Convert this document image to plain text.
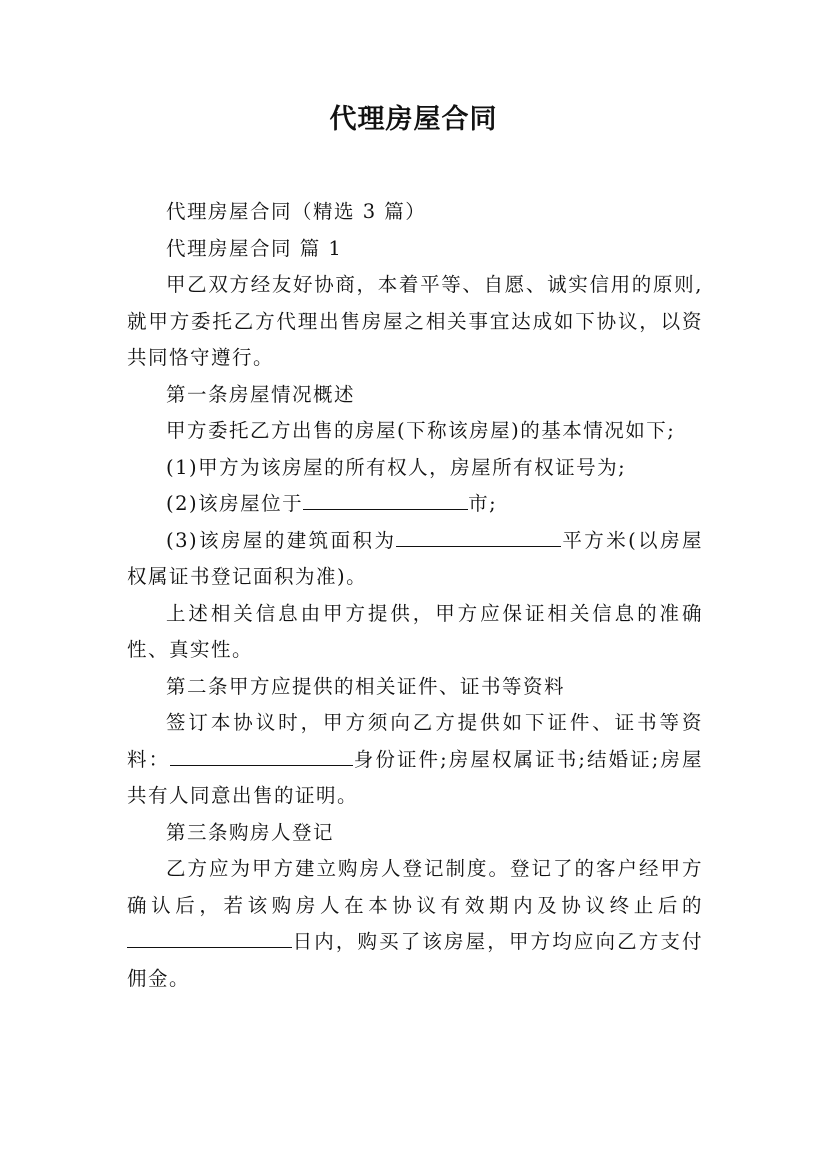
代理房屋合同

代理房屋合同（精选 3 篇）

代理房屋合同 篇 1

甲乙双方经友好协商，本着平等、自愿、诚实信用的原则,就甲方委托乙方代理出售房屋之相关事宜达成如下协议，以资共同恪守遵行。

第一条房屋情况概述

甲方委托乙方出售的房屋(下称该房屋)的基本情况如下;

(1)甲方为该房屋的所有权人，房屋所有权证号为;

(2)该房屋位于	市;

(3)该房屋的建筑面积为	平方米(以房屋权属证书登记面积为准)。

上述相关信息由甲方提供，甲方应保证相关信息的准确性、真实性。

第二条甲方应提供的相关证件、证书等资料

签订本协议时，甲方须向乙方提供如下证件、证书等资料：	身份证件;房屋权属证书;结婚证;房屋共有人同意出售的证明。

第三条购房人登记

乙方应为甲方建立购房人登记制度。登记了的客户经甲方确认后，若该购房人在本协议有效期内及协议终止后的日内，购买了该房屋，甲方均应向乙方支付佣金。
